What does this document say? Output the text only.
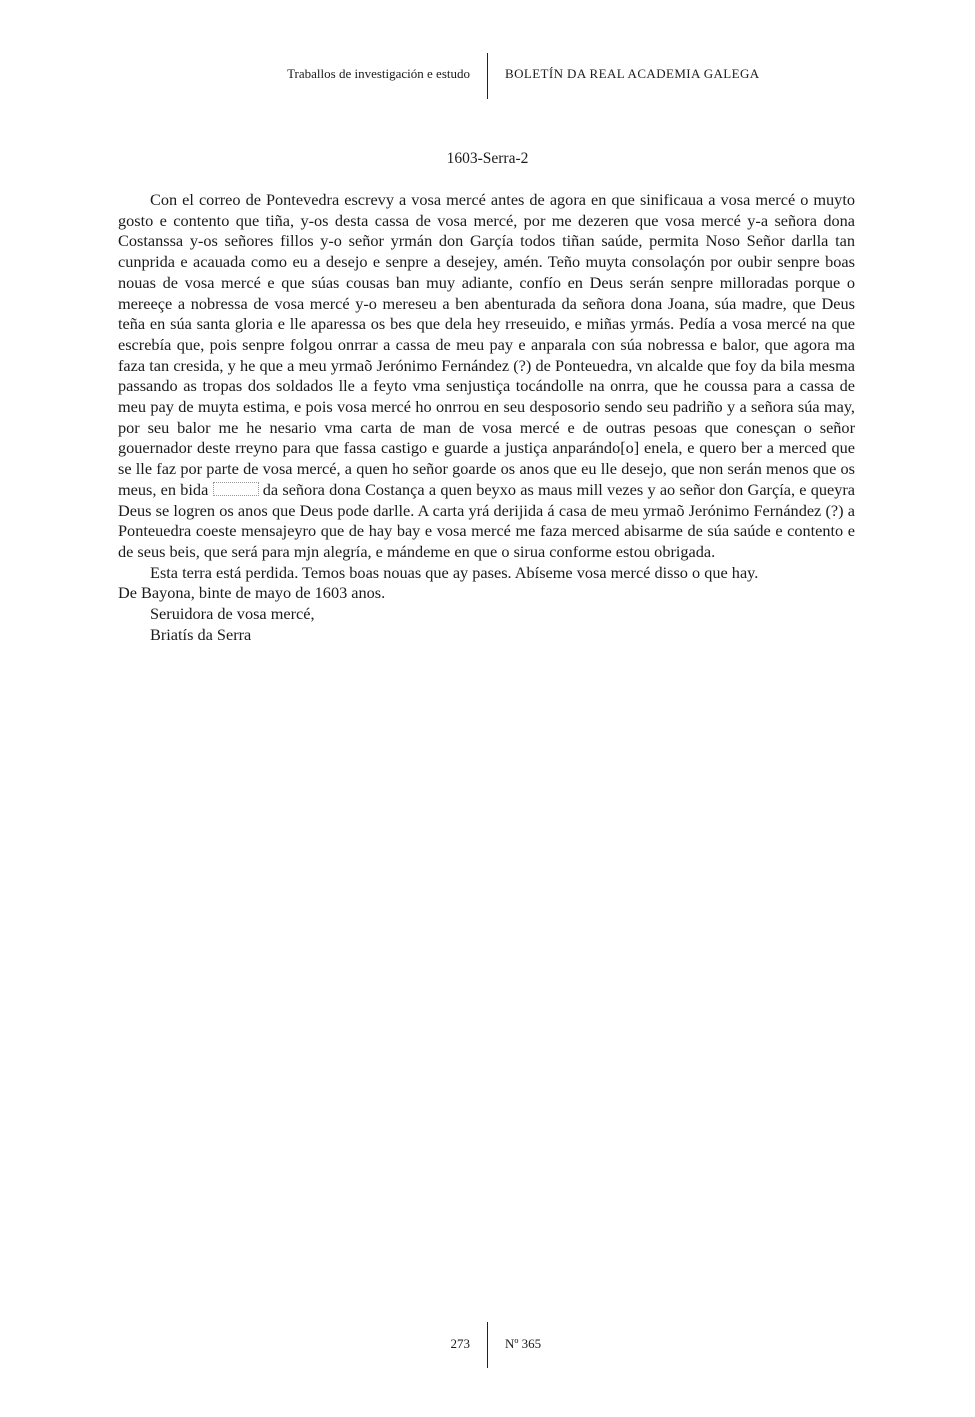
Traballos de investigación e estudo	BOLETÍN DA REAL ACADEMIA GALEGA
1603-Serra-2

Con el correo de Pontevedra escrevy a vosa mercé antes de agora en que sinificaua a vosa mercé o muyto gosto e contento que tiña, y-os desta cassa de vosa mercé, por me dezeren que vosa mercé y-a señora dona Costanssa y-os señores fillos y-o señor yrmán don Garçía todos tiñan saúde, permita Noso Señor darlla tan cunprida e acauada como eu a desejo e senpre a desejey, amén. Teño muyta consolaçón por oubir senpre boas nouas de vosa mercé e que súas cousas ban muy adiante, confío en Deus serán senpre milloradas porque o mereeçe a nobressa de vosa mercé y-o mereseu a ben abenturada da señora dona Joana, súa madre, que Deus teña en súa santa gloria e lle aparessa os bes que dela hey rreseuido, e miñas yrmás. Pedía a vosa mercé na que escrebía que, pois senpre folgou onrrar a cassa de meu pay e anparala con súa nobressa e balor, que agora ma faza tan cresida, y he que a meu yrmaõ Jerónimo Fernández (?) de Ponteuedra, vn alcalde que foy da bila mesma passando as tropas dos soldados lle a feyto vma senjustiça tocándolle na onrra, que he coussa para a cassa de meu pay de muyta estima, e pois vosa mercé ho onrrou en seu desposorio sendo seu padriño y a señora súa may, por seu balor me he nesario vma carta de man de vosa mercé e de outras pesoas que conesçan o señor gouernador deste rreyno para que fassa castigo e guarde a justiça anparándo[o] enela, e quero ber a merced que se lle faz por parte de vosa mercé, a quen ho señor goarde os anos que eu lle desejo, que non serán menos que os meus, en bida	da señora dona Costança a quen beyxo as maus mill vezes y ao señor don Garçía, e queyra Deus se logren os anos que Deus pode darlle. A carta yrá derijida á casa de meu yrmaõ Jerónimo Fernández (?) a Ponteuedra coeste mensajeyro que de hay bay e vosa mercé me faza merced abisarme de súa saúde e contento e de seus beis, que será para mjn alegría, e mándeme en que o sirua conforme estou obrigada.

Esta terra está perdida. Temos boas nouas que ay pases. Abíseme vosa mercé disso o que hay.

De Bayona, binte de mayo de 1603 anos.

Seruidora de vosa mercé,

Briatís da Serra

273	Nº 365
